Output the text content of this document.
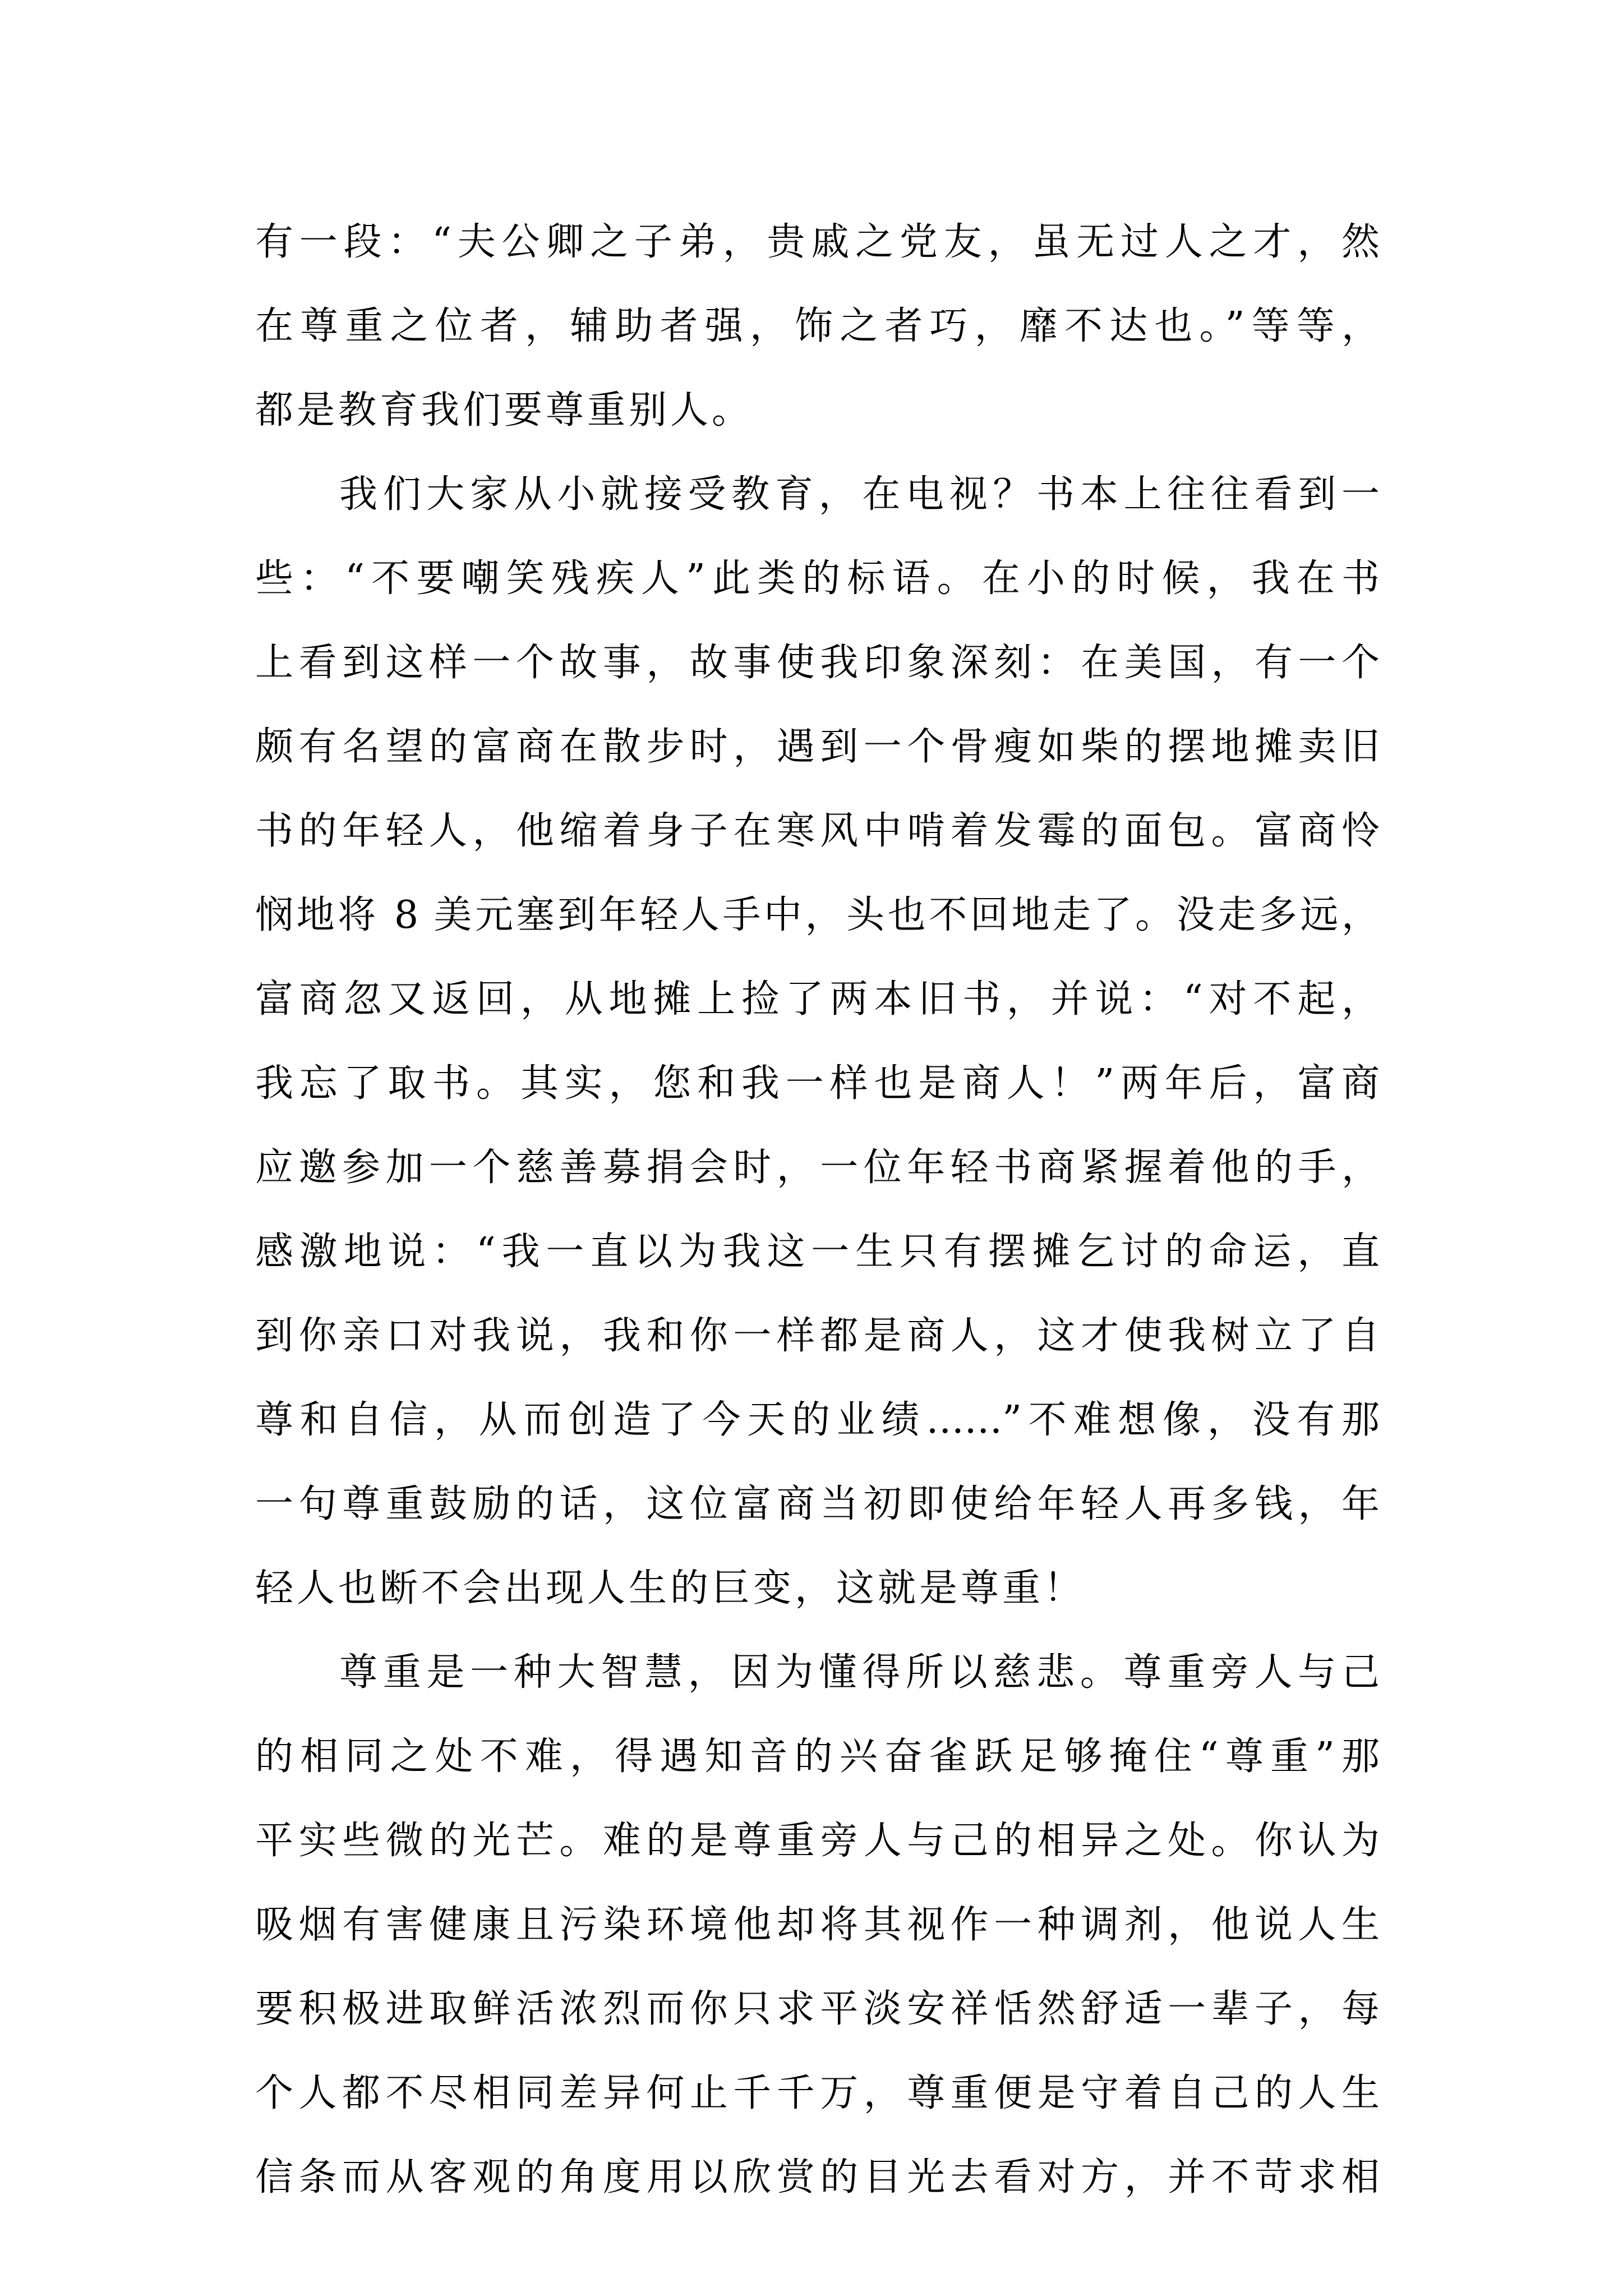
有一段：“夫公卿之子弟，贵戚之党友，虽无过人之才，然
在尊重之位者，辅助者强，饰之者巧，靡不达也。”等等，
都是教育我们要尊重别人。
我们大家从小就接受教育，在电视？书本上往往看到一
些：“不要嘲笑残疾人”此类的标语。在小的时候，我在书
上看到这样一个故事，故事使我印象深刻：在美国，有一个
颇有名望的富商在散步时，遇到一个骨瘦如柴的摆地摊卖旧
书的年轻人，他缩着身子在寒风中啃着发霉的面包。富商怜
悯地将 8 美元塞到年轻人手中，头也不回地走了。没走多远，
富商忽又返回，从地摊上捡了两本旧书，并说：“对不起，
我忘了取书。其实，您和我一样也是商人！”两年后，富商
应邀参加一个慈善募捐会时，一位年轻书商紧握着他的手，
感激地说：“我一直以为我这一生只有摆摊乞讨的命运，直
到你亲口对我说，我和你一样都是商人，这才使我树立了自
尊和自信，从而创造了今天的业绩……”不难想像，没有那
一句尊重鼓励的话，这位富商当初即使给年轻人再多钱，年
轻人也断不会出现人生的巨变，这就是尊重！
尊重是一种大智慧，因为懂得所以慈悲。尊重旁人与己
的相同之处不难，得遇知音的兴奋雀跃足够掩住“尊重”那
平实些微的光芒。难的是尊重旁人与己的相异之处。你认为
吸烟有害健康且污染环境他却将其视作一种调剂，他说人生
要积极进取鲜活浓烈而你只求平淡安祥恬然舒适一辈子，每
个人都不尽相同差异何止千千万，尊重便是守着自己的人生
信条而从客观的角度用以欣赏的目光去看对方，并不苛求相
